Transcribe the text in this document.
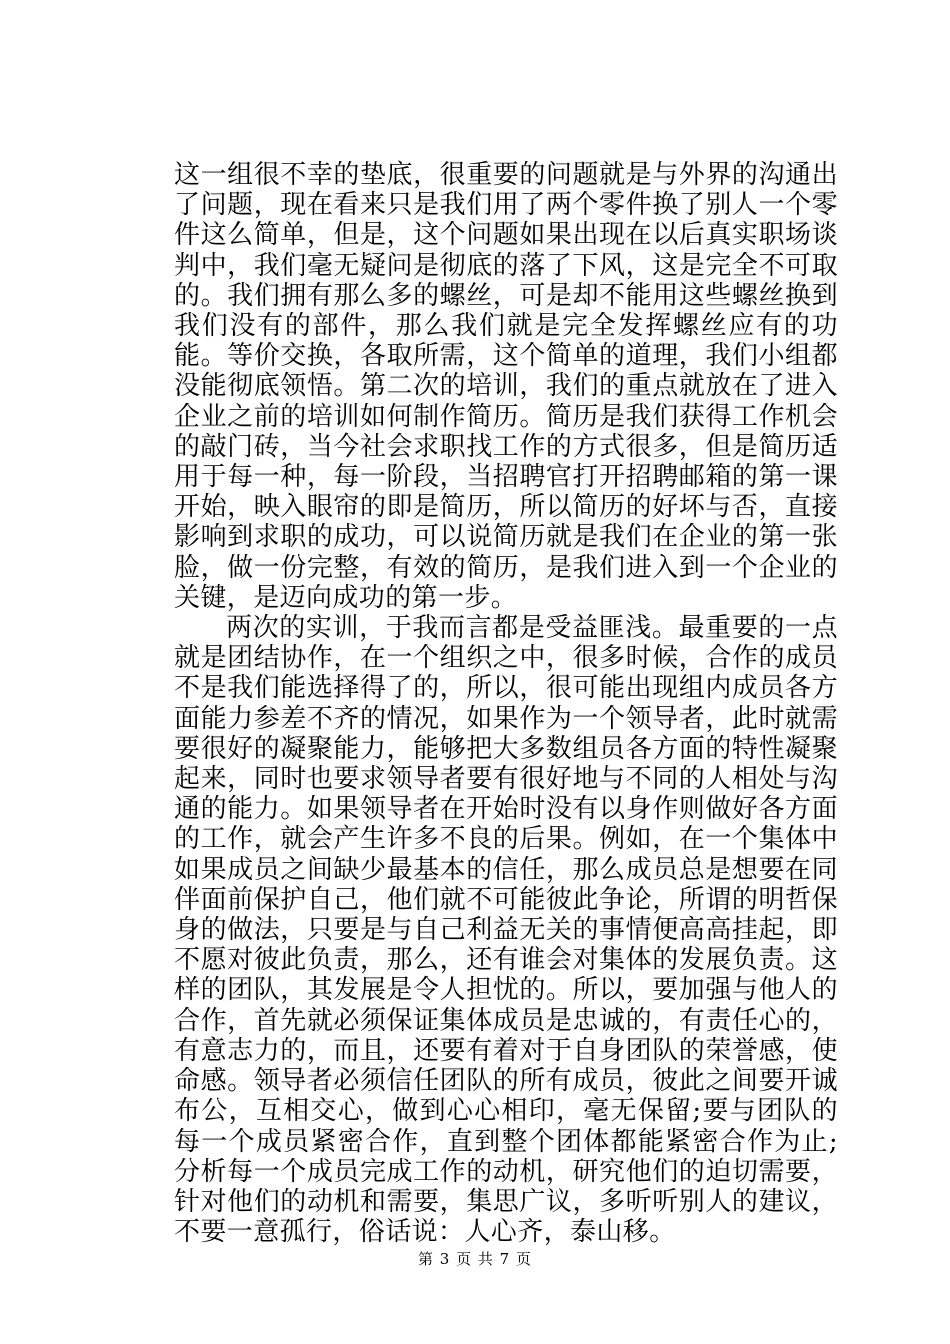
这一组很不幸的垫底，很重要的问题就是与外界的沟通出了问题，现在看来只是我们用了两个零件换了别人一个零件这么简单，但是，这个问题如果出现在以后真实职场谈判中，我们毫无疑问是彻底的落了下风，这是完全不可取的。我们拥有那么多的螺丝，可是却不能用这些螺丝换到我们没有的部件，那么我们就是完全发挥螺丝应有的功能。等价交换，各取所需，这个简单的道理，我们小组都没能彻底领悟。第二次的培训，我们的重点就放在了进入企业之前的培训如何制作简历。简历是我们获得工作机会的敲门砖，当今社会求职找工作的方式很多，但是简历适用于每一种，每一阶段，当招聘官打开招聘邮箱的第一课开始，映入眼帘的即是简历，所以简历的好坏与否，直接影响到求职的成功，可以说简历就是我们在企业的第一张脸，做一份完整，有效的简历，是我们进入到一个企业的关键，是迈向成功的第一步。

两次的实训，于我而言都是受益匪浅。最重要的一点就是团结协作，在一个组织之中，很多时候，合作的成员不是我们能选择得了的，所以，很可能出现组内成员各方面能力参差不齐的情况，如果作为一个领导者，此时就需要很好的凝聚能力，能够把大多数组员各方面的特性凝聚起来，同时也要求领导者要有很好地与不同的人相处与沟通的能力。如果领导者在开始时没有以身作则做好各方面的工作，就会产生许多不良的后果。例如，在一个集体中如果成员之间缺少最基本的信任，那么成员总是想要在同伴面前保护自己，他们就不可能彼此争论，所谓的明哲保身的做法，只要是与自己利益无关的事情便高高挂起，即不愿对彼此负责，那么，还有谁会对集体的发展负责。这样的团队，其发展是令人担忧的。所以，要加强与他人的合作，首先就必须保证集体成员是忠诚的，有责任心的，有意志力的，而且，还要有着对于自身团队的荣誉感，使命感。领导者必须信任团队的所有成员，彼此之间要开诚布公，互相交心，做到心心相印，毫无保留;要与团队的每一个成员紧密合作，直到整个团体都能紧密合作为止;分析每一个成员完成工作的动机，研究他们的迫切需要，针对他们的动机和需要，集思广议，多听听别人的建议，不要一意孤行，俗话说：人心齐，泰山移。

第 3 页 共 7 页
